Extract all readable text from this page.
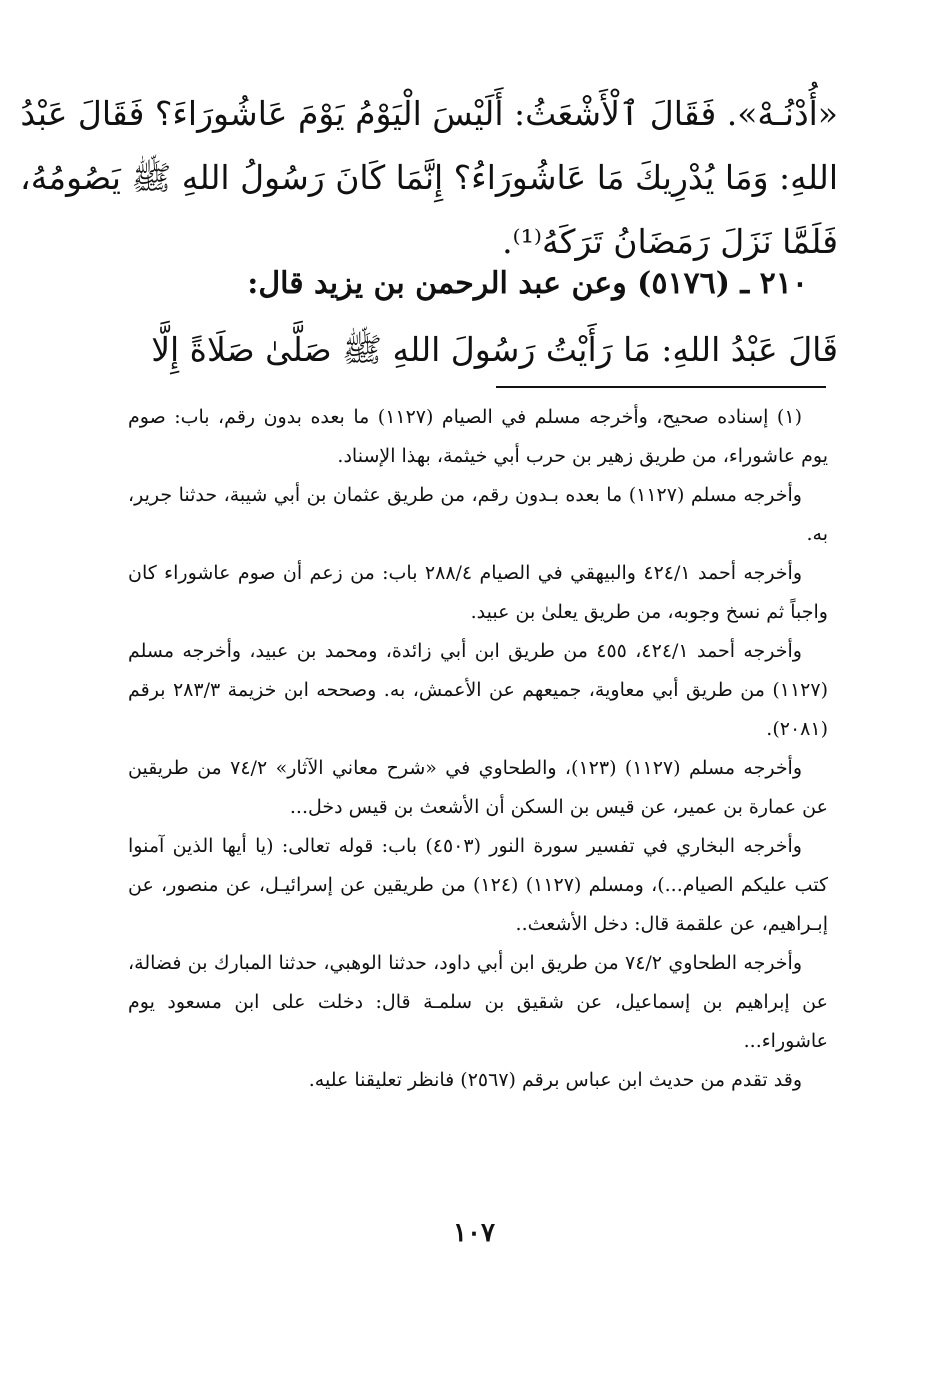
«أُدْنُـهْ». فَقَالَ ٱلْأَشْعَثُ: أَلَيْسَ الْيَوْمُ يَوْمَ عَاشُورَاءَ؟ فَقَالَ عَبْدُ
اللهِ: وَمَا يُدْرِيكَ مَا عَاشُورَاءُ؟ إِنَّمَا كَانَ رَسُولُ اللهِ ﷺ يَصُومُهُ،
فَلَمَّا نَزَلَ رَمَضَانُ تَرَكَهُ⁽¹⁾.
٢١٠ ـ (٥١٧٦) وعن عبد الرحمن بن يزيد قال:
قَالَ عَبْدُ اللهِ: مَا رَأَيْتُ رَسُولَ اللهِ ﷺ صَلَّىٰ صَلَاةً إِلَّا

(١) إسناده صحيح، وأخرجه مسلم في الصيام (١١٢٧) ما بعده بدون رقم، باب: صوم يوم عاشوراء، من طريق زهير بن حرب أبي خيثمة، بهذا الإسناد.

وأخرجه مسلم (١١٢٧) ما بعده بـدون رقم، من طريق عثمان بن أبي شيبة، حدثنا جرير، به.

وأخرجه أحمد ٤٢٤/١ والبيهقي في الصيام ٢٨٨/٤ باب: من زعم أن صوم عاشوراء كان واجباً ثم نسخ وجوبه، من طريق يعلىٰ بن عبيد.

وأخرجه أحمد ٤٢٤/١، ٤٥٥ من طريق ابن أبي زائدة، ومحمد بن عبيد، وأخرجه مسلم (١١٢٧) من طريق أبي معاوية، جميعهم عن الأعمش، به. وصححه ابن خزيمة ٢٨٣/٣ برقم (٢٠٨١).

وأخرجه مسلم (١١٢٧) (١٢٣)، والطحاوي في «شرح معاني الآثار» ٧٤/٢ من طريقين عن عمارة بن عمير، عن قيس بن السكن أن الأشعث بن قيس دخل...

وأخرجه البخاري في تفسير سورة النور (٤٥٠٣) باب: قوله تعالى: (يا أيها الذين آمنوا كتب عليكم الصيام...)، ومسلم (١١٢٧) (١٢٤) من طريقين عن إسرائيـل، عن منصور، عن إبـراهيم، عن علقمة قال: دخل الأشعث..

وأخرجه الطحاوي ٧٤/٢ من طريق ابن أبي داود، حدثنا الوهبي، حدثنا المبارك بن فضالة، عن إبراهيم بن إسماعيل، عن شقيق بن سلمـة قال: دخلت على ابن مسعود يوم عاشوراء...

وقد تقدم من حديث ابن عباس برقم (٢٥٦٧) فانظر تعليقنا عليه.

١٠٧
